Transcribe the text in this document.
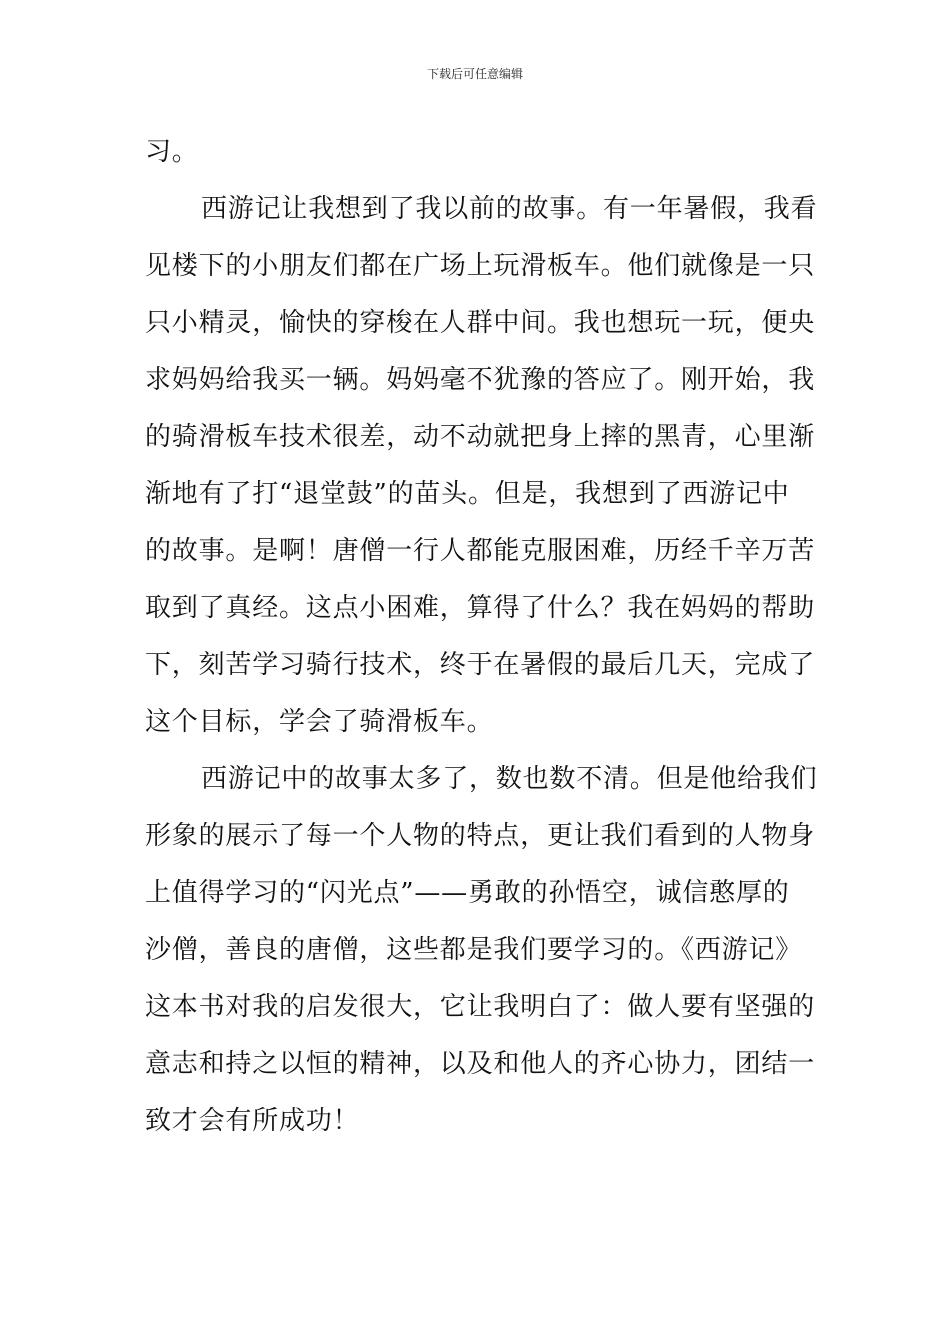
下载后可任意编辑
习。
西游记让我想到了我以前的故事。有一年暑假，我看
见楼下的小朋友们都在广场上玩滑板车。他们就像是一只
只小精灵，愉快的穿梭在人群中间。我也想玩一玩，便央
求妈妈给我买一辆。妈妈毫不犹豫的答应了。刚开始，我
的骑滑板车技术很差，动不动就把身上摔的黑青，心里渐
渐地有了打“退堂鼓”的苗头。但是，我想到了西游记中
的故事。是啊！唐僧一行人都能克服困难，历经千辛万苦
取到了真经。这点小困难，算得了什么？我在妈妈的帮助
下，刻苦学习骑行技术，终于在暑假的最后几天，完成了
这个目标，学会了骑滑板车。
西游记中的故事太多了，数也数不清。但是他给我们
形象的展示了每一个人物的特点，更让我们看到的人物身
上值得学习的“闪光点”——勇敢的孙悟空，诚信憨厚的
沙僧，善良的唐僧，这些都是我们要学习的。《西游记》
这本书对我的启发很大，它让我明白了：做人要有坚强的
意志和持之以恒的精神，以及和他人的齐心协力，团结一
致才会有所成功！
